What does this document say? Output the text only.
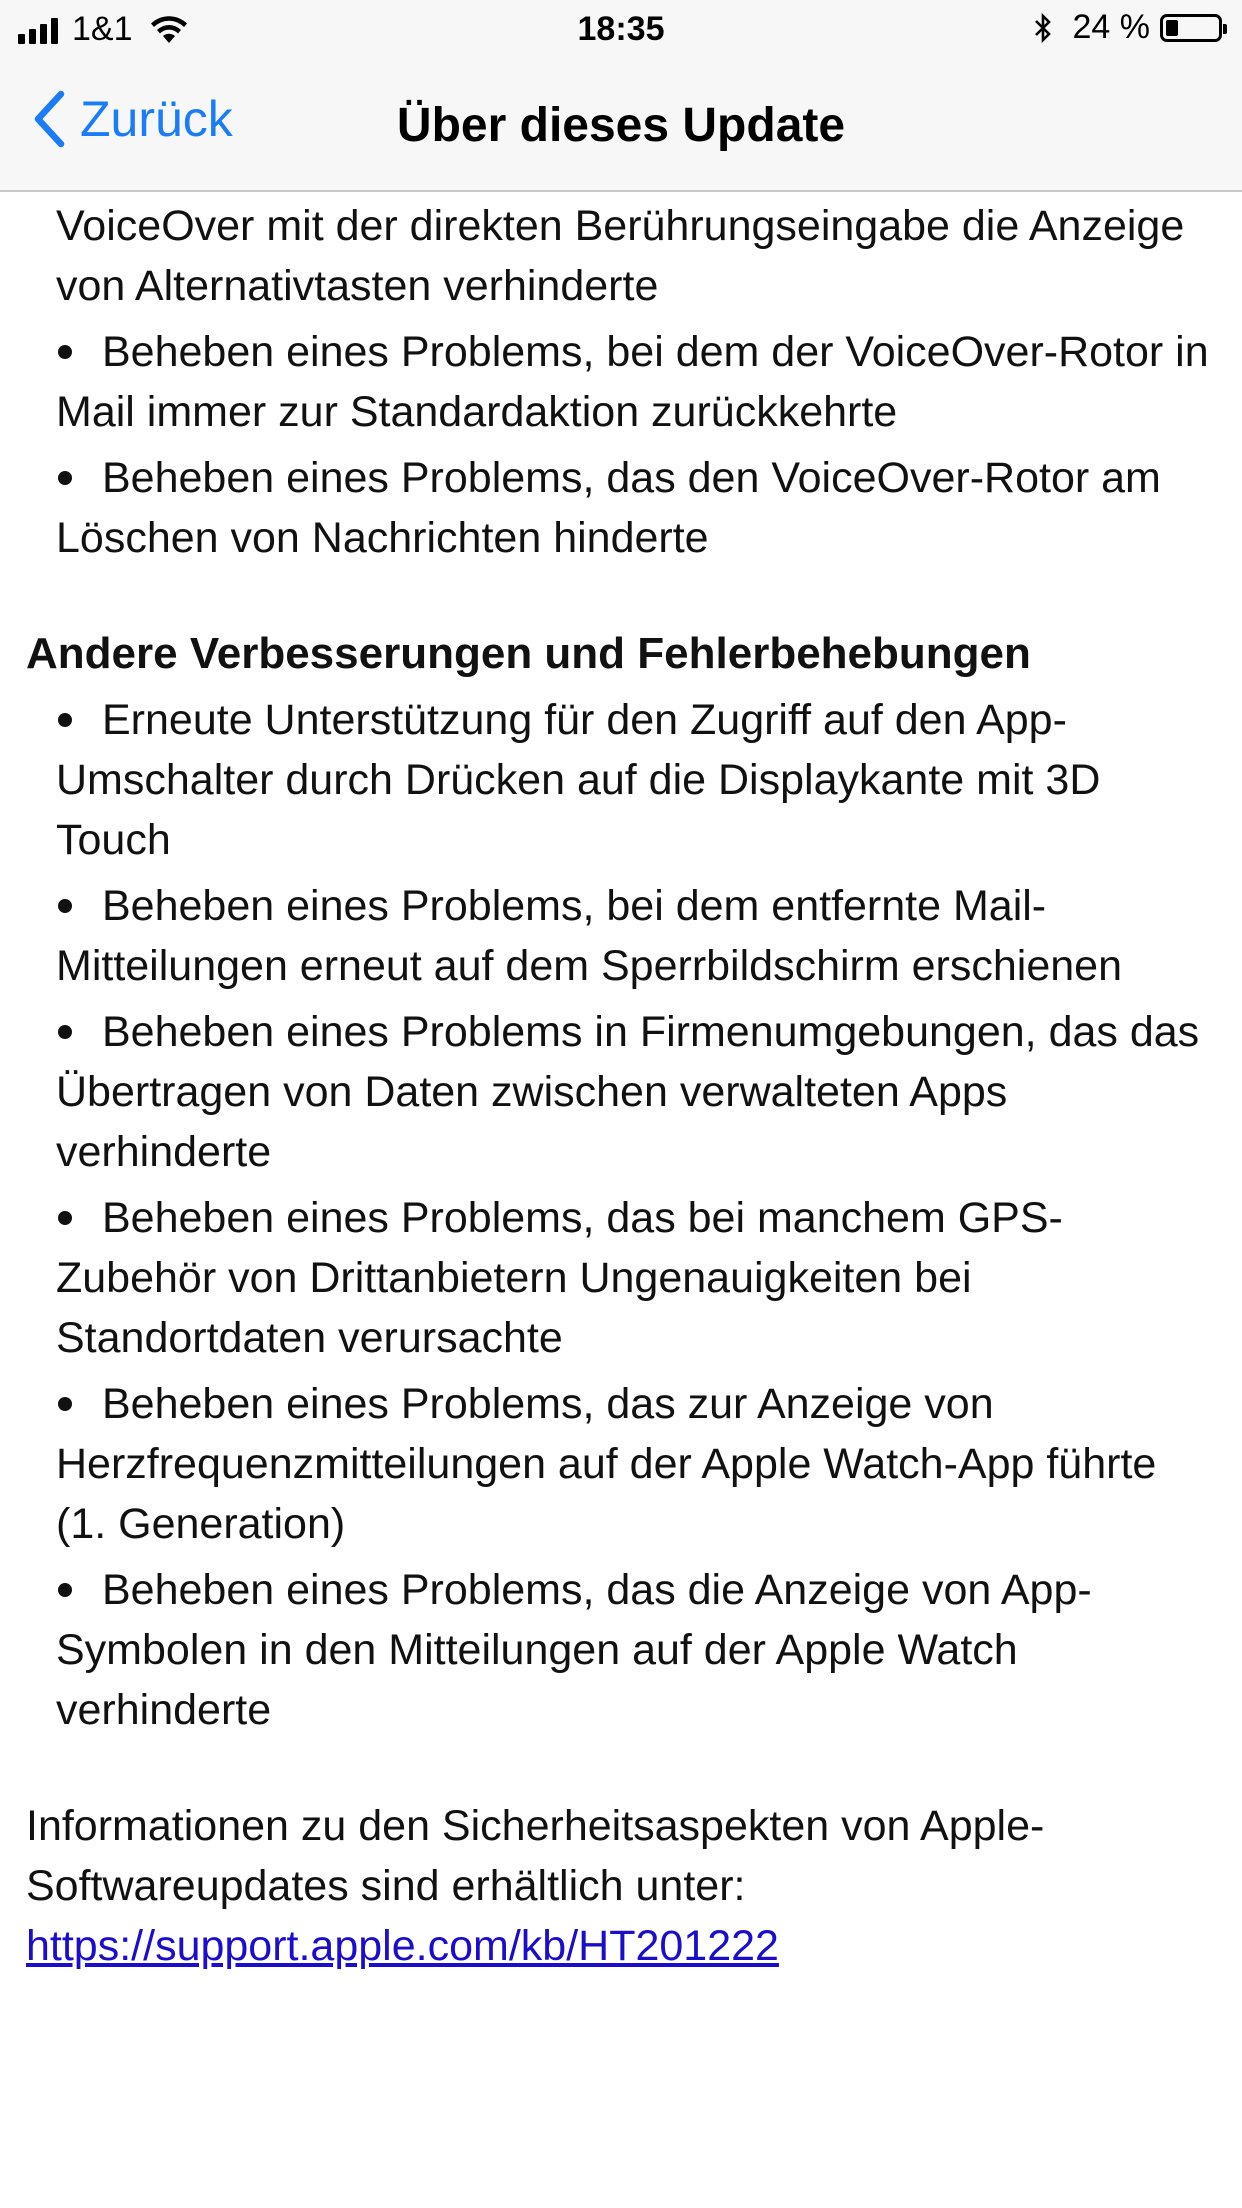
1&1	18:35	24 %
Zurück	Über dieses Update
VoiceOver mit der direkten Berührungseingabe die Anzeige von Alternativtasten verhinderte
Beheben eines Problems, bei dem der VoiceOver-Rotor in Mail immer zur Standardaktion zurückkehrte
Beheben eines Problems, das den VoiceOver-Rotor am Löschen von Nachrichten hinderte
Andere Verbesserungen und Fehlerbehebungen
Erneute Unterstützung für den Zugriff auf den App-Umschalter durch Drücken auf die Displaykante mit 3D Touch
Beheben eines Problems, bei dem entfernte Mail-Mitteilungen erneut auf dem Sperrbildschirm erschienen
Beheben eines Problems in Firmenumgebungen, das das Übertragen von Daten zwischen verwalteten Apps verhinderte
Beheben eines Problems, das bei manchem GPS-Zubehör von Drittanbietern Ungenauigkeiten bei Standortdaten verursachte
Beheben eines Problems, das zur Anzeige von Herzfrequenzmitteilungen auf der Apple Watch-App führte (1. Generation)
Beheben eines Problems, das die Anzeige von App-Symbolen in den Mitteilungen auf der Apple Watch verhinderte
Informationen zu den Sicherheitsaspekten von Apple-Softwareupdates sind erhältlich unter:
https://support.apple.com/kb/HT201222
